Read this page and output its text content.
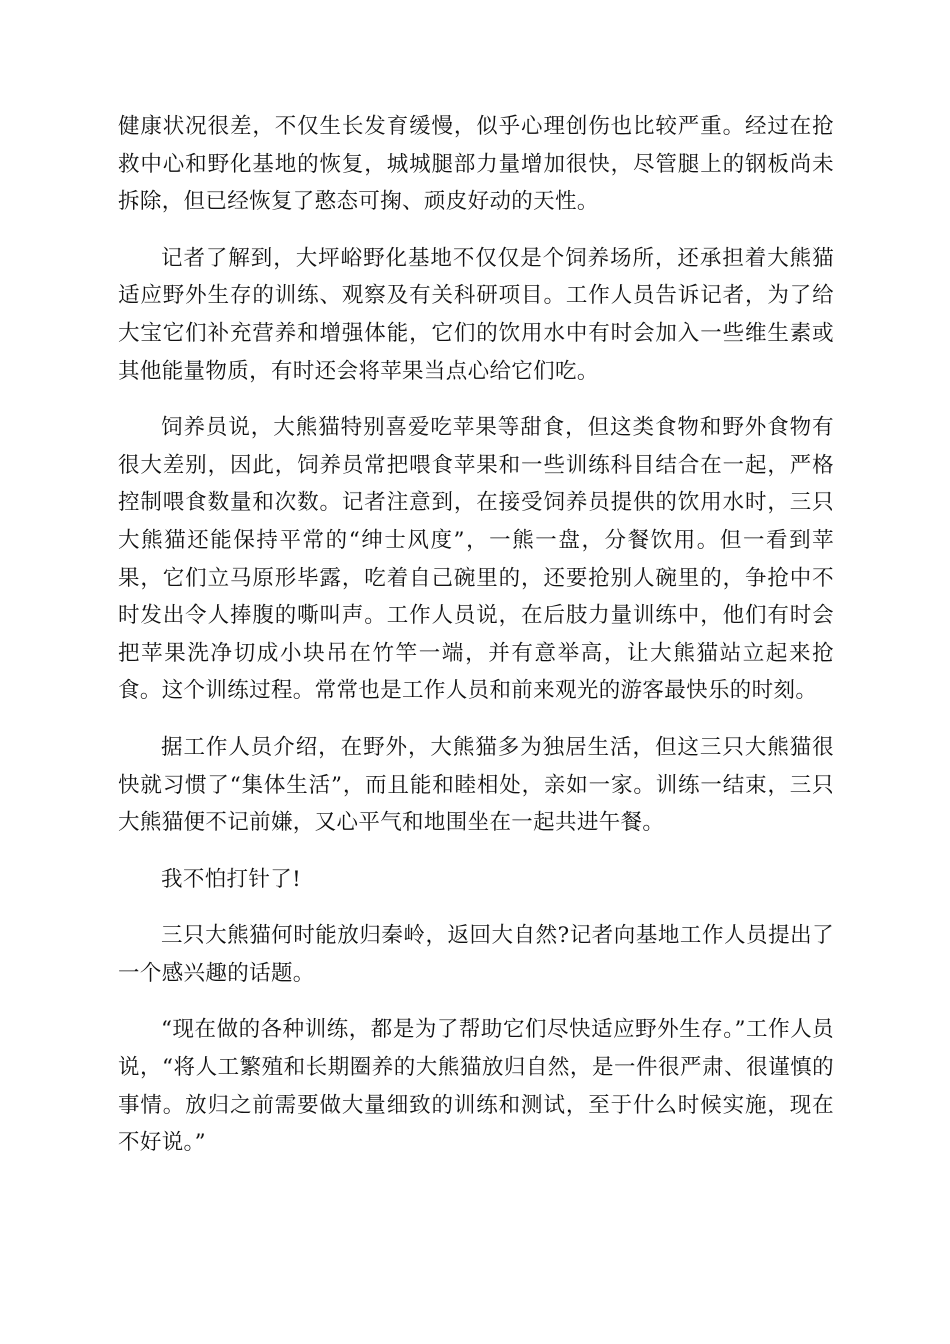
健康状况很差，不仅生长发育缓慢，似乎心理创伤也比较严重。经过在抢救中心和野化基地的恢复，城城腿部力量增加很快，尽管腿上的钢板尚未拆除，但已经恢复了憨态可掬、顽皮好动的天性。

记者了解到，大坪峪野化基地不仅仅是个饲养场所，还承担着大熊猫适应野外生存的训练、观察及有关科研项目。工作人员告诉记者，为了给大宝它们补充营养和增强体能，它们的饮用水中有时会加入一些维生素或其他能量物质，有时还会将苹果当点心给它们吃。

饲养员说，大熊猫特别喜爱吃苹果等甜食，但这类食物和野外食物有很大差别，因此，饲养员常把喂食苹果和一些训练科目结合在一起，严格控制喂食数量和次数。记者注意到，在接受饲养员提供的饮用水时，三只大熊猫还能保持平常的“绅士风度”，一熊一盘，分餐饮用。但一看到苹果，它们立马原形毕露，吃着自己碗里的，还要抢别人碗里的，争抢中不时发出令人捧腹的嘶叫声。工作人员说，在后肢力量训练中，他们有时会把苹果洗净切成小块吊在竹竿一端，并有意举高，让大熊猫站立起来抢食。这个训练过程。常常也是工作人员和前来观光的游客最快乐的时刻。

据工作人员介绍，在野外，大熊猫多为独居生活，但这三只大熊猫很快就习惯了“集体生活”，而且能和睦相处，亲如一家。训练一结束，三只大熊猫便不记前嫌，又心平气和地围坐在一起共进午餐。

我不怕打针了!

三只大熊猫何时能放归秦岭，返回大自然?记者向基地工作人员提出了一个感兴趣的话题。

“现在做的各种训练，都是为了帮助它们尽快适应野外生存。”工作人员说，“将人工繁殖和长期圈养的大熊猫放归自然，是一件很严肃、很谨慎的事情。放归之前需要做大量细致的训练和测试，至于什么时候实施，现在不好说。”
